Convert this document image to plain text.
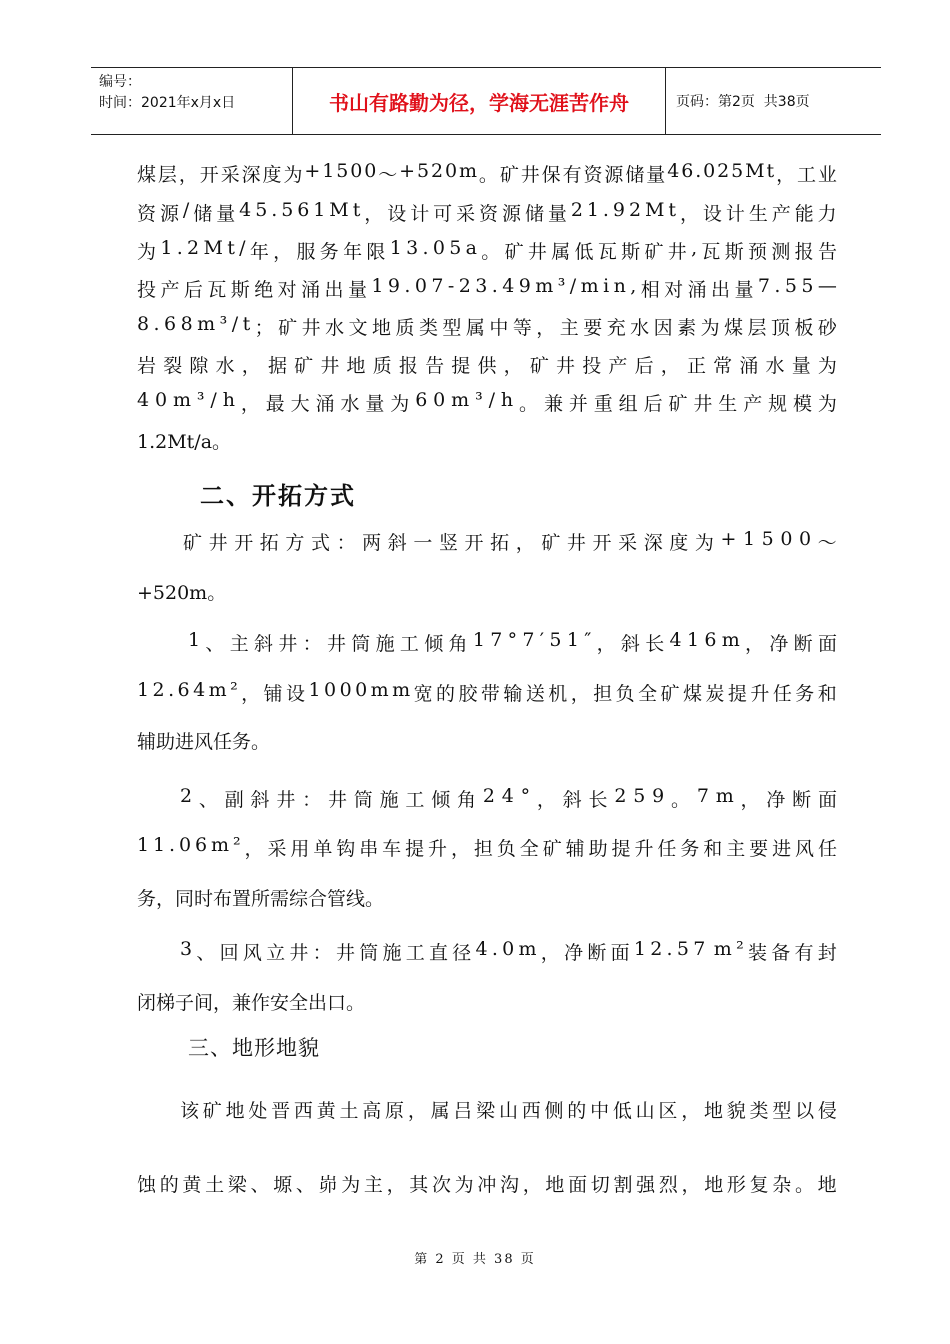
编号：
时间：2021年x月x日	书山有路勤为径，学海无涯苦作舟	页码：第2页  共38页
煤 层 ， 开 采 深 度 为 + 1 5 0 0 ～ + 5 2 0 m 。 矿 井 保 有 资 源 储 量 4 6 . 0 2 5 M t ， 工 业
资 源 / 储 量 4 5 . 5 6 1 M t ， 设 计 可 采 资 源 储 量 2 1 . 9 2 M t ， 设 计 生 产 能 力
为 1 . 2 M t / 年 ， 服 务 年 限 1 3 . 0 5 a 。 矿 井 属 低 瓦 斯 矿 井 , 瓦 斯 预 测 报 告
投 产 后 瓦 斯 绝 对 涌 出 量 1 9 . 0 7 - 2 3 . 4 9 m ³ / m i n , 相 对 涌 出 量 7 . 5 5 —
8 . 6 8 m ³ / t ； 矿 井 水 文 地 质 类 型 属 中 等 ， 主 要 充 水 因 素 为 煤 层 顶 板 砂
岩 裂 隙 水 ， 据 矿 井 地 质 报 告 提 供 ， 矿 井 投 产 后 ， 正 常 涌 水 量 为
4 0 m ³ / h ， 最 大 涌 水 量 为 6 0 m ³ / h 。 兼 并 重 组 后 矿 井 生 产 规 模 为
1.2Mt/a。
二、开拓方式
矿 井 开 拓 方 式 ： 两 斜 一 竖 开 拓 ， 矿 井 开 采 深 度 为 + 1 5 0 0 ～
+520m。
1 、 主 斜 井 ： 井 筒 施 工 倾 角 1 7 ° 7 ′ 5 1 ″ ， 斜 长 4 1 6 m ， 净 断 面
1 2 . 6 4 m ² ， 铺 设 1 0 0 0 m m 宽 的 胶 带 输 送 机 ， 担 负 全 矿 煤 炭 提 升 任 务 和
辅助进风任务。
2 、 副 斜 井 ： 井 筒 施 工 倾 角 2 4 ° ， 斜 长 2 5 9 。 7 m ， 净 断 面
1 1 . 0 6 m ² ， 采 用 单 钩 串 车 提 升 ， 担 负 全 矿 辅 助 提 升 任 务 和 主 要 进 风 任
务，同时布置所需综合管线。
3 、 回 风 立 井 ： 井 筒 施 工 直 径 4 . 0 m ， 净 断 面 1 2 . 5 7 m ² 装 备 有 封
闭梯子间，兼作安全出口。
三、地形地貌
该 矿 地 处 晋 西 黄 土 高 原 ， 属 吕 梁 山 西 侧 的 中 低 山 区 ， 地 貌 类 型 以 侵
蚀 的 黄 土 梁 、 塬 、 峁 为 主 ， 其 次 为 冲 沟 ， 地 面 切 割 强 烈 ， 地 形 复 杂 。 地
第 2 页 共 38 页
